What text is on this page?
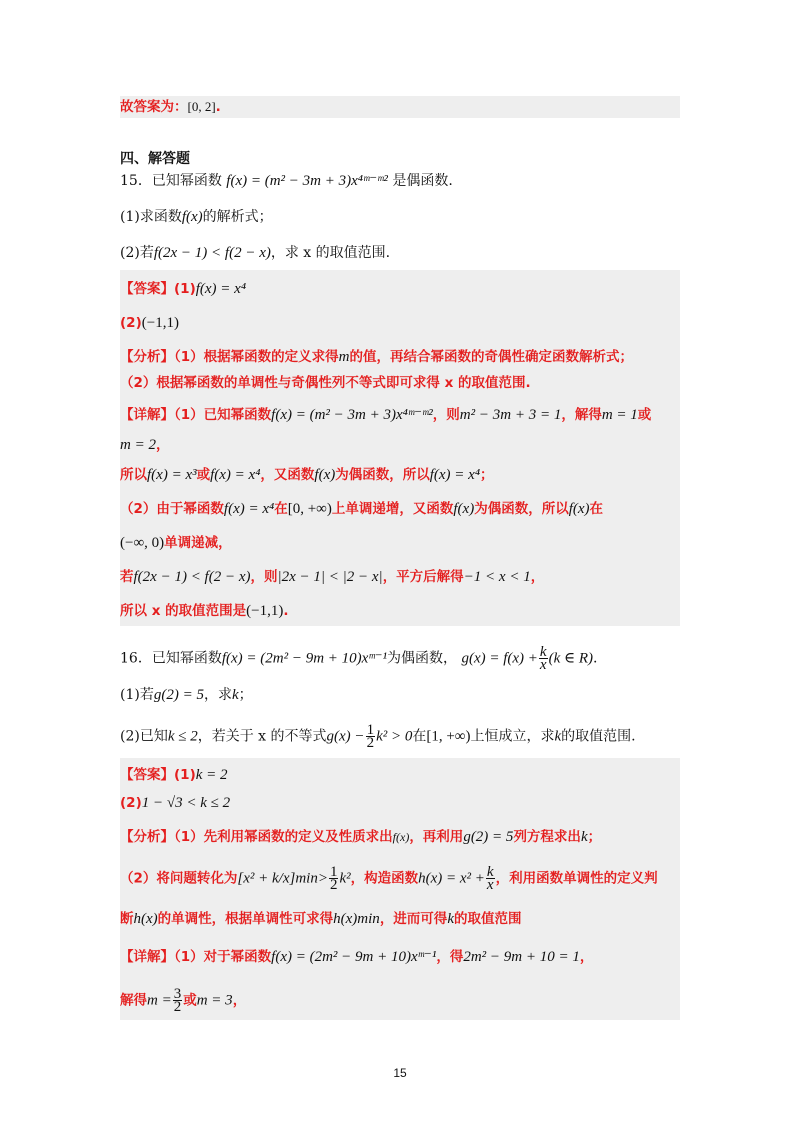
故答案为：[0, 2].
四、解答题
15．已知幂函数 f(x) = (m² − 3m + 3)x⁴ᵐ⁻ᵐ² 是偶函数.
(1)求函数f(x)的解析式；
(2)若f(2x − 1) < f(2 − x)，求 x 的取值范围.
【答案】(1)f(x) = x⁴
(2)(−1,1)
【分析】（1）根据幂函数的定义求得m的值，再结合幂函数的奇偶性确定函数解析式；
（2）根据幂函数的单调性与奇偶性列不等式即可求得 x 的取值范围.
【详解】（1）已知幂函数f(x) = (m² − 3m + 3)x⁴ᵐ⁻ᵐ²，则m² − 3m + 3 = 1，解得m = 1或
m = 2，
所以f(x) = x³或f(x) = x⁴，又函数f(x)为偶函数，所以f(x) = x⁴；
（2）由于幂函数f(x) = x⁴在[0, +∞)上单调递增，又函数f(x)为偶函数，所以f(x)在
(−∞, 0)单调递减，
若f(2x − 1) < f(2 − x)，则|2x − 1| < |2 − x|，平方后解得−1 < x < 1，
所以 x 的取值范围是(−1,1).
16．已知幂函数f(x) = (2m² − 9m + 10)xᵐ⁻¹为偶函数， $g(x) = f(x) + \frac{k}{x} (k$ ∈ R).
(1)若g(2) = 5，求k；
(2)已知k ≤ 2，若关于 x 的不等式$g(x) - \frac{1}{2} k^2 > 0$在[1, +∞)上恒成立，求k的取值范围.
【答案】(1)k = 2
(2)1 − √3 < k ≤ 2
【分析】（1）先利用幂函数的定义及性质求出f(x)，再利用g(2) = 5列方程求出k；
（2）将问题转化为$[x^2 + k/x]\min> \frac{1}{2} k^2$，构造函数$h(x) = x^2 + \frac{k}{x}$ ，利用函数单调性的定义判
断h(x)的单调性，根据单调性可求得h(x)min，进而可得k的取值范围
【详解】（1）对于幂函数f(x) = (2m² − 9m + 10)xᵐ⁻¹，得2m² − 9m + 10 = 1，
解得$m = \frac{3}{2}$ 或m = 3，
15
